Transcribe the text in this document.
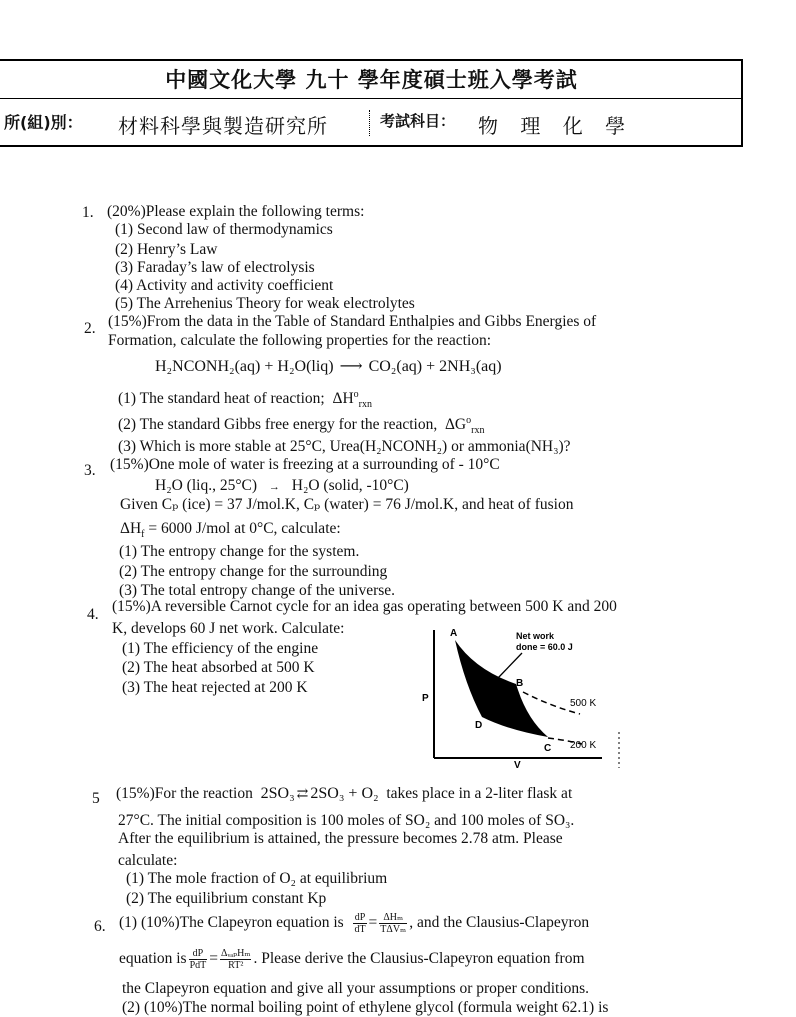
中國文化大學 九十 學年度碩士班入學考試
所(組)別： 材料科學與製造研究所	考試科目： 物 理 化 學
1. (20%)Please explain the following terms:
(1) Second law of thermodynamics
(2) Henry’s Law
(3) Faraday’s law of electrolysis
(4) Activity and activity coefficient
(5) The Arrehenius Theory for weak electrolytes
2. (15%)From the data in the Table of Standard Enthalpies and Gibbs Energies of
Formation, calculate the following properties for the reaction:
H₂NCONH₂(aq) + H₂O(liq) ⟶ CO₂(aq) + 2NH₃(aq)
(1) The standard heat of reaction; $\Delta H^o_{rxn}$
(2) The standard Gibbs free energy for the reaction, $\Delta G^o_{rxn}$
(3) Which is more stable at 25°C, Urea(H₂NCONH₂) or ammonia(NH₃)?
3. (15%)One mole of water is freezing at a surrounding of - 10°C
H₂O (liq., 25°C) → H₂O (solid, -10°C)
Given Cₚ (ice) = 37 J/mol.K, Cₚ (water) = 76 J/mol.K, and heat of fusion
$\Delta H_f = 6000$ J/mol at 0°C, calculate:
(1) The entropy change for the system.
(2) The entropy change for the surrounding
(3) The total entropy change of the universe.
4. (15%)A reversible Carnot cycle for an idea gas operating between 500 K and 200
K, develops 60 J net work. Calculate:
(1) The efficiency of the engine
(2) The heat absorbed at 500 K
(3) The heat rejected at 200 K
A
B
C
D
P
V
Net work
done = 60.0 J
500 K
200 K
5 (15%)For the reaction 2SO₃ ⇄ 2SO₃ + O₂ takes place in a 2-liter flask at
27°C. The initial composition is 100 moles of SO₂ and 100 moles of SO₃.
After the equilibrium is attained, the pressure becomes 2.78 atm. Please
calculate:
(1) The mole fraction of O₂ at equilibrium
(2) The equilibrium constant Kp
6. (1) (10%)The Clapeyron equation is $\frac{dP}{dT} = \frac{\text{ΔHₘ}}{\text{TΔVₘ}}$ , and the Clausius-Clapeyron
equation is $\frac{dP}{\text{PdT}} = \frac{\text{ΔᵥₐₚHₘ}}{\text{RT²}}$ . Please derive the Clausius-Clapeyron equation from
the Clapeyron equation and give all your assumptions or proper conditions.
(2) (10%)The normal boiling point of ethylene glycol (formula weight 62.1) is
